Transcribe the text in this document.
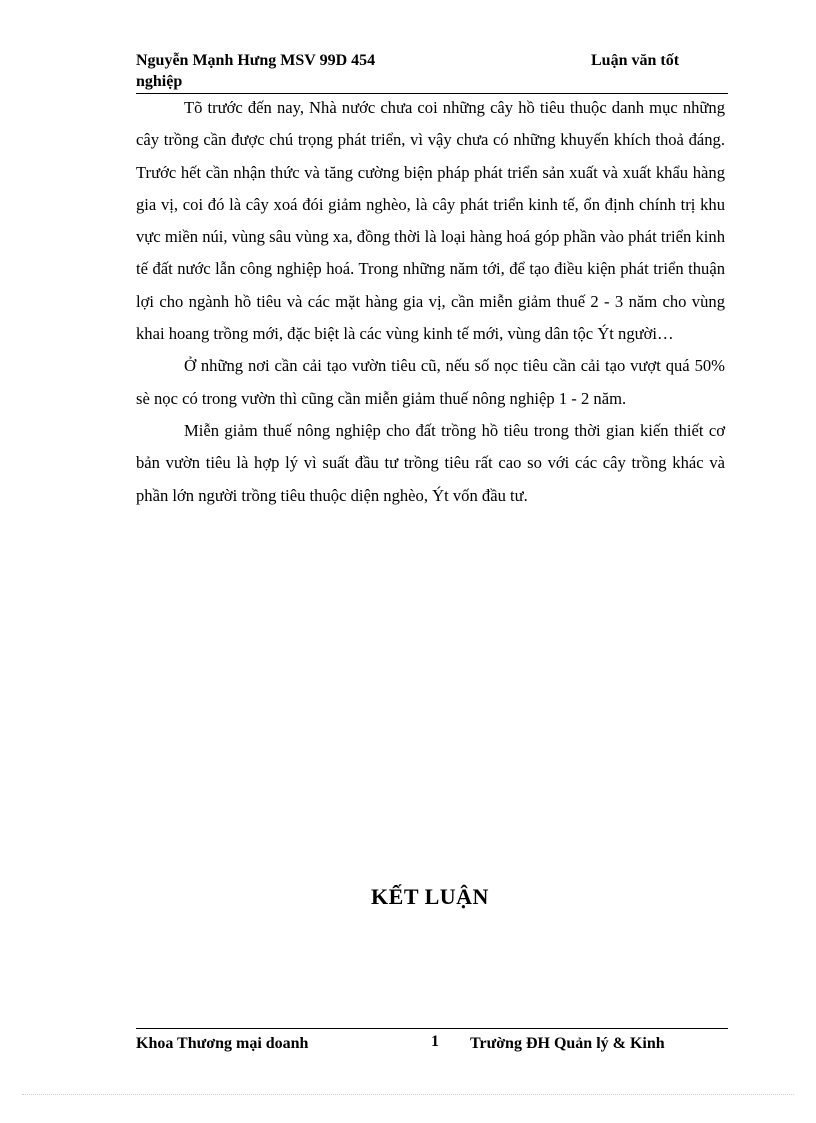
Nguyễn Mạnh Hưng MSV 99D 454	Luận văn tốt
nghiệp

Tõ trước đến nay, Nhà nước chưa coi những cây hồ tiêu thuộc danh mục những cây trồng cần được chú trọng phát triển, vì vậy chưa có những khuyến khích thoả đáng. Trước hết cần nhận thức và tăng cường biện pháp phát triển sản xuất và xuất khẩu hàng gia vị, coi đó là cây xoá đói giảm nghèo, là cây phát triển kinh tế, ổn định chính trị khu vực miền núi, vùng sâu vùng xa, đồng thời là loại hàng hoá góp phần vào phát triển kinh tế đất nước lẫn công nghiệp hoá. Trong những năm tới, để tạo điều kiện phát triển thuận lợi cho ngành hồ tiêu và các mặt hàng gia vị, cần miễn giảm thuế 2 - 3 năm cho vùng khai hoang trồng mới, đặc biệt là các vùng kinh tế mới, vùng dân tộc Ýt người…

Ở những nơi cần cải tạo vườn tiêu cũ, nếu số nọc tiêu cần cải tạo vượt quá 50% sè nọc có trong vườn thì cũng cần miễn giảm thuế nông nghiệp 1 - 2 năm.

Miễn giảm thuế nông nghiệp cho đất trồng hồ tiêu trong thời gian kiến thiết cơ bản vườn tiêu là hợp lý vì suất đầu tư trồng tiêu rất cao so với các cây trồng khác và phần lớn người trồng tiêu thuộc diện nghèo, Ýt vốn đầu tư.

KẾT LUẬN
Khoa Thương mại doanh	1 Trường ĐH Quản lý & Kinh
